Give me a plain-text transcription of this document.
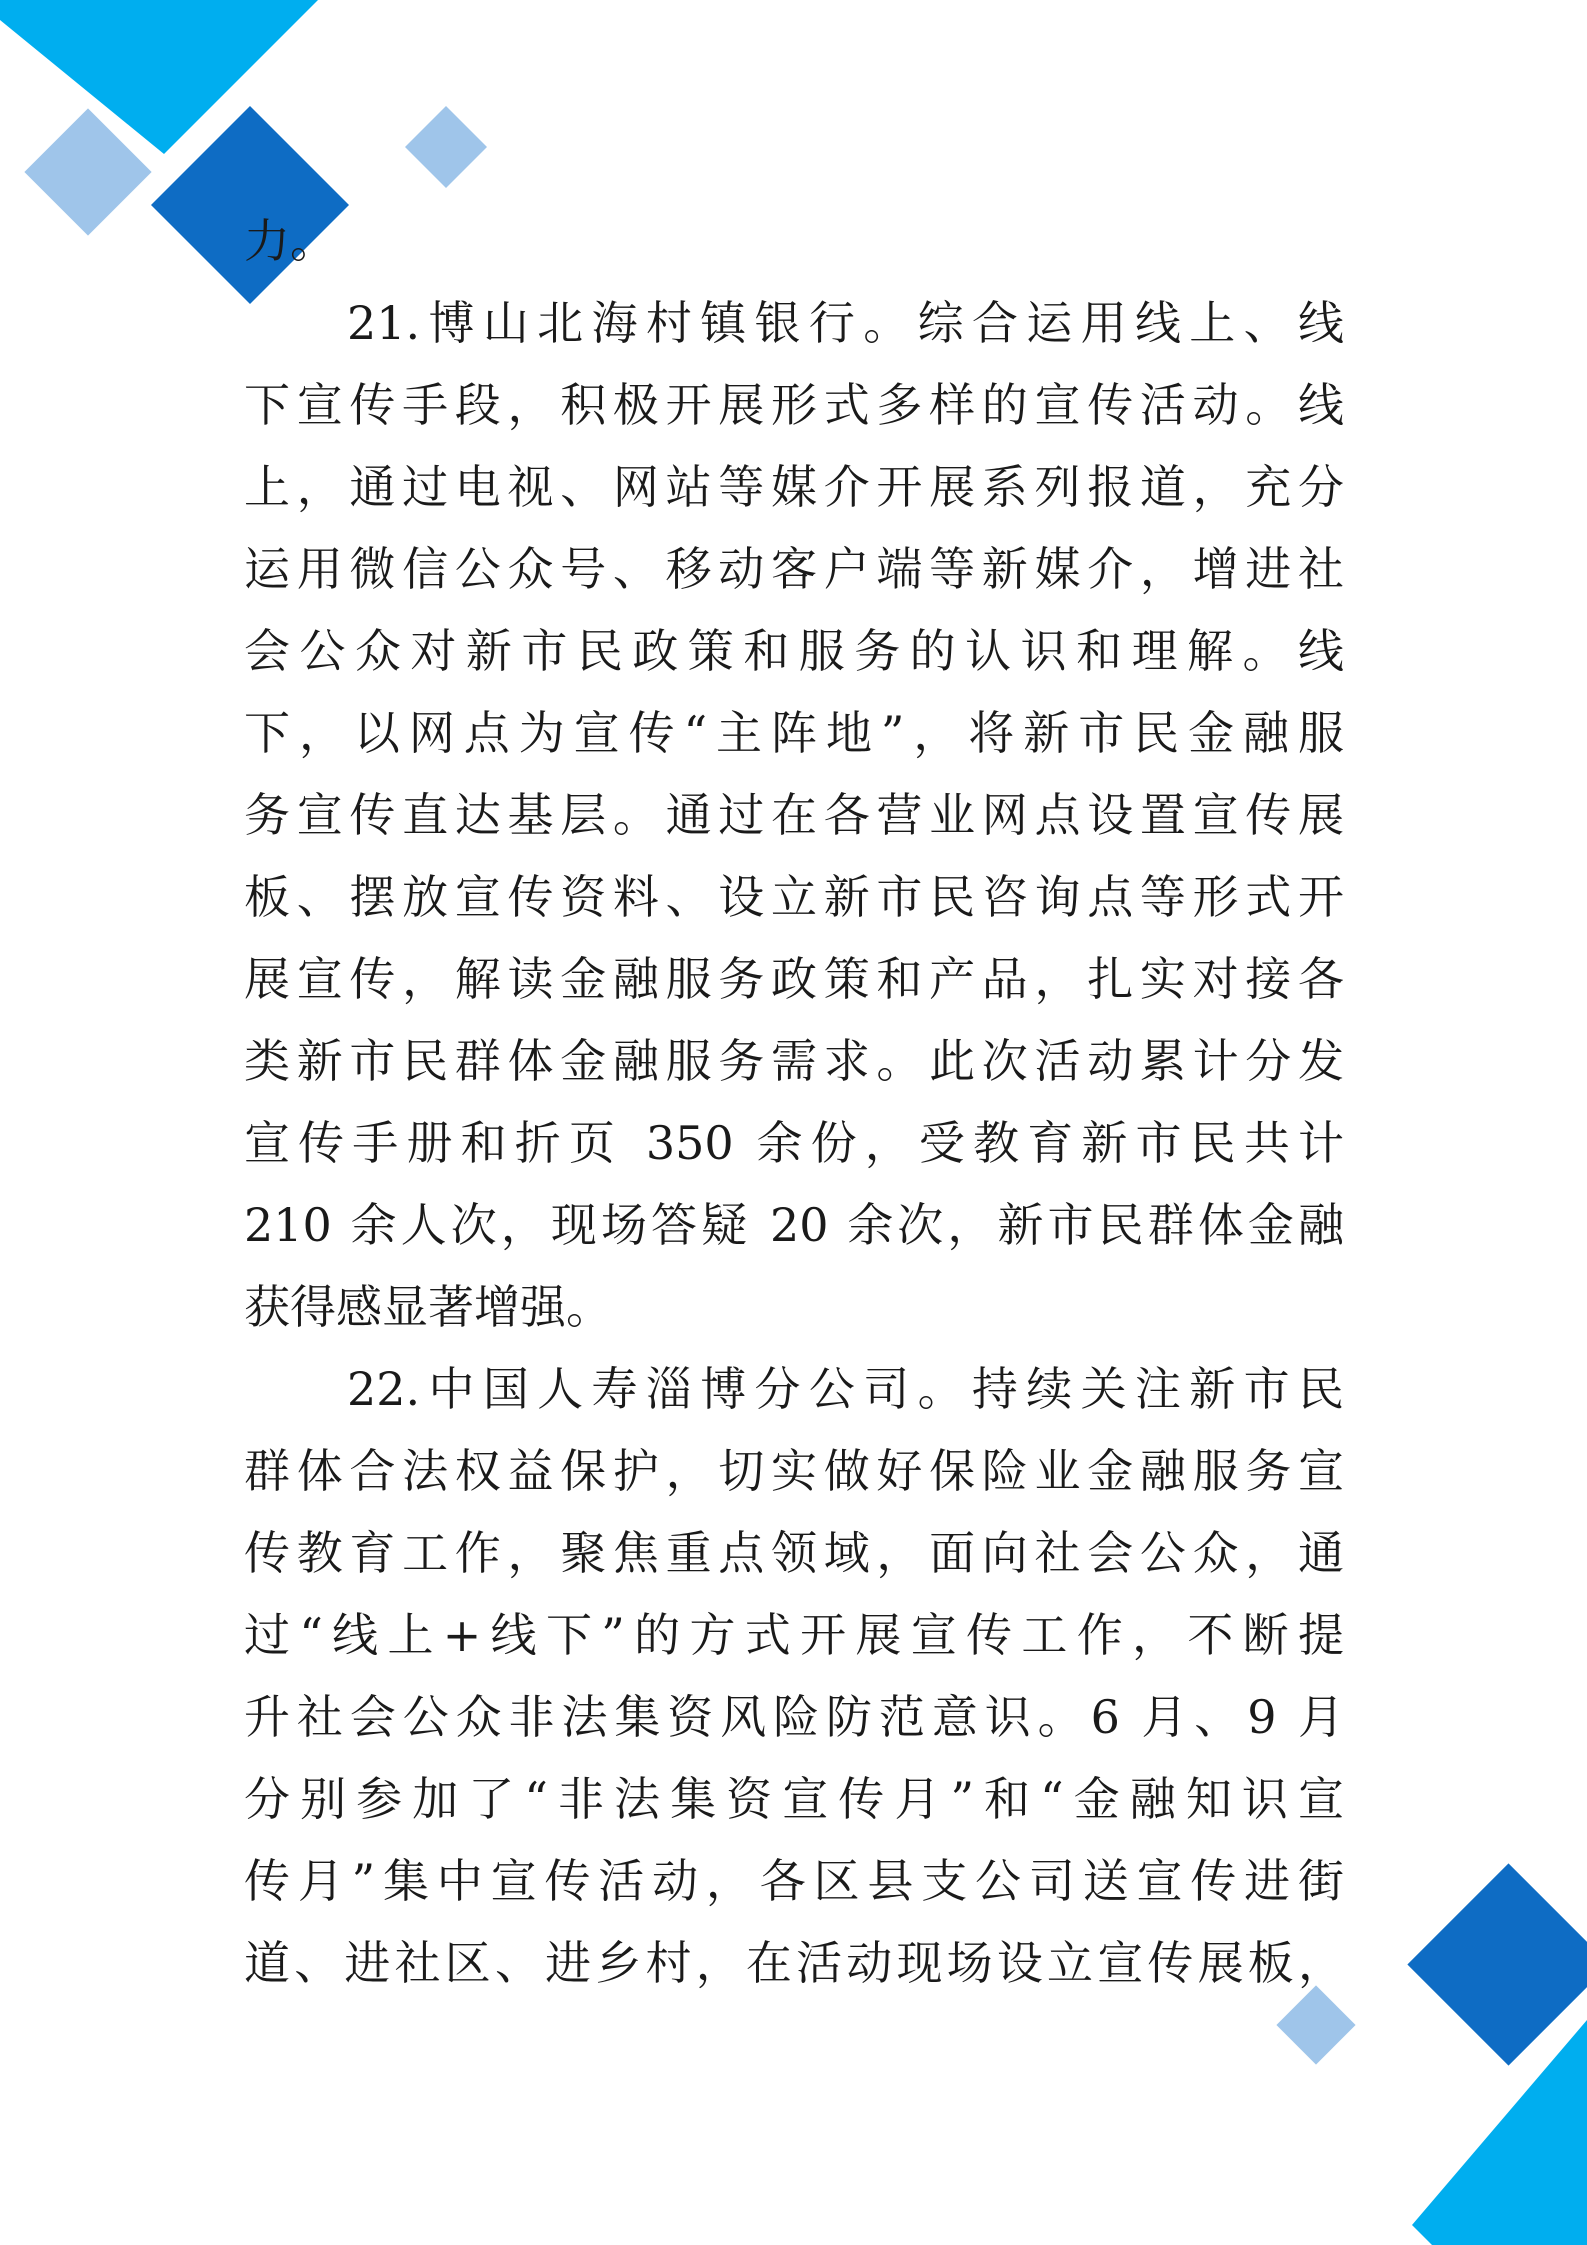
力。
21.博山北海村镇银行。综合运用线上、线
下宣传手段，积极开展形式多样的宣传活动。线
上，通过电视、网站等媒介开展系列报道，充分
运用微信公众号、移动客户端等新媒介，增进社
会公众对新市民政策和服务的认识和理解。线
下，以网点为宣传“主阵地”，将新市民金融服
务宣传直达基层。通过在各营业网点设置宣传展
板、摆放宣传资料、设立新市民咨询点等形式开
展宣传，解读金融服务政策和产品，扎实对接各
类新市民群体金融服务需求。此次活动累计分发
宣传手册和折页 350 余份，受教育新市民共计
210 余人次，现场答疑 20 余次，新市民群体金融
获得感显著增强。
22.中国人寿淄博分公司。持续关注新市民
群体合法权益保护，切实做好保险业金融服务宣
传教育工作，聚焦重点领域，面向社会公众，通
过“线上+线下”的方式开展宣传工作，不断提
升社会公众非法集资风险防范意识。6 月、9 月
分别参加了“非法集资宣传月”和“金融知识宣
传月”集中宣传活动，各区县支公司送宣传进街
道、进社区、进乡村，在活动现场设立宣传展板，
